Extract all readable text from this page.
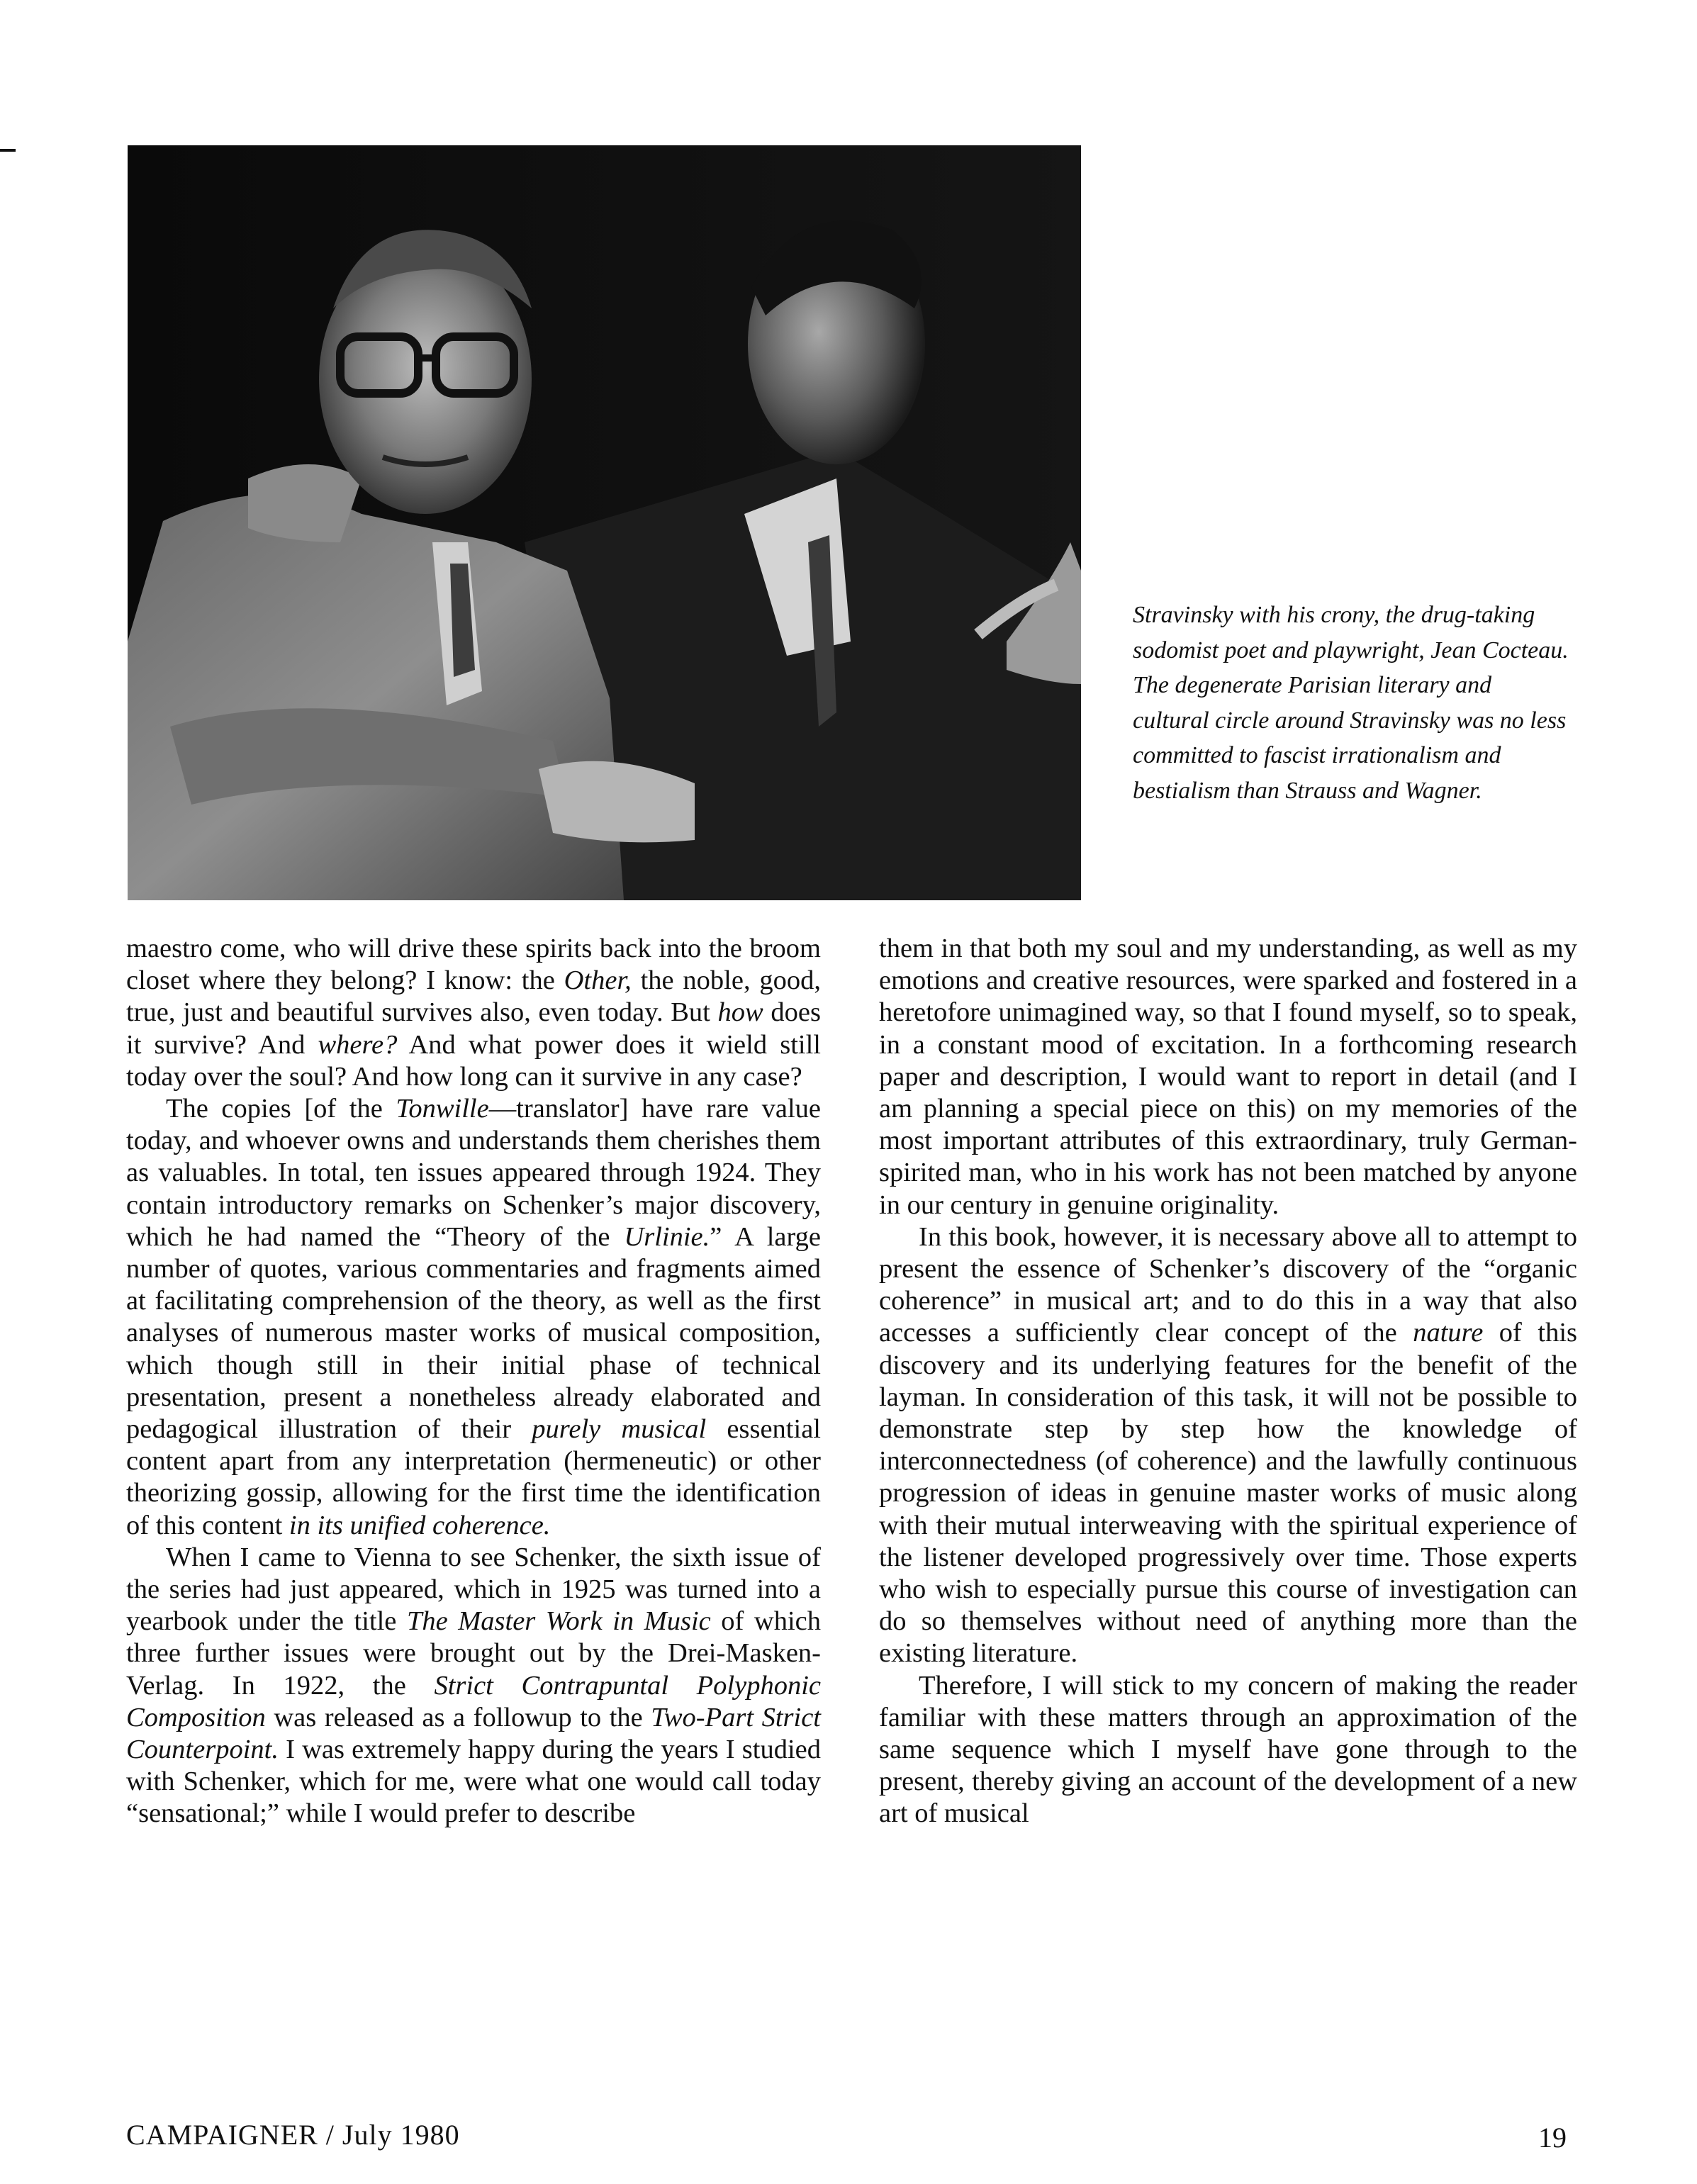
Stravinsky with his crony, the drug-taking sodomist poet and playwright, Jean Cocteau. The degenerate Parisian literary and cultural circle around Stravinsky was no less committed to fascist irrationalism and bestialism than Strauss and Wagner.

maestro come, who will drive these spirits back into the broom closet where they belong? I know: the Other, the noble, good, true, just and beautiful survives also, even today. But how does it survive? And where? And what power does it wield still today over the soul? And how long can it survive in any case?

The copies [of the Tonwille—translator] have rare value today, and whoever owns and understands them cherishes them as valuables. In total, ten issues appeared through 1924. They contain introductory remarks on Schenker’s major discovery, which he had named the “Theory of the Urlinie.” A large number of quotes, various commentaries and fragments aimed at facilitating comprehension of the theory, as well as the first analyses of numerous master works of musical composition, which though still in their initial phase of technical presentation, present a nonetheless already elaborated and pedagogical illustration of their purely musical essential content apart from any interpretation (hermeneutic) or other theorizing gossip, allowing for the first time the identification of this content in its unified coherence.

When I came to Vienna to see Schenker, the sixth issue of the series had just appeared, which in 1925 was turned into a yearbook under the title The Master Work in Music of which three further issues were brought out by the Drei-Masken-Verlag. In 1922, the Strict Contrapuntal Polyphonic Composition was released as a followup to the Two-Part Strict Counterpoint. I was extremely happy during the years I studied with Schenker, which for me, were what one would call today “sensational;” while I would prefer to describe

them in that both my soul and my understanding, as well as my emotions and creative resources, were sparked and fostered in a heretofore unimagined way, so that I found myself, so to speak, in a constant mood of excitation. In a forthcoming research paper and description, I would want to report in detail (and I am planning a special piece on this) on my memories of the most important attributes of this extraordinary, truly German-spirited man, who in his work has not been matched by anyone in our century in genuine originality.

In this book, however, it is necessary above all to attempt to present the essence of Schenker’s discovery of the “organic coherence” in musical art; and to do this in a way that also accesses a sufficiently clear concept of the nature of this discovery and its underlying features for the benefit of the layman. In consideration of this task, it will not be possible to demonstrate step by step how the knowledge of interconnectedness (of coherence) and the lawfully continuous progression of ideas in genuine master works of music along with their mutual interweaving with the spiritual experience of the listener developed progressively over time. Those experts who wish to especially pursue this course of investigation can do so themselves without need of anything more than the existing literature.

Therefore, I will stick to my concern of making the reader familiar with these matters through an approximation of the same sequence which I myself have gone through to the present, thereby giving an account of the development of a new art of musical

CAMPAIGNER / July 1980	19
